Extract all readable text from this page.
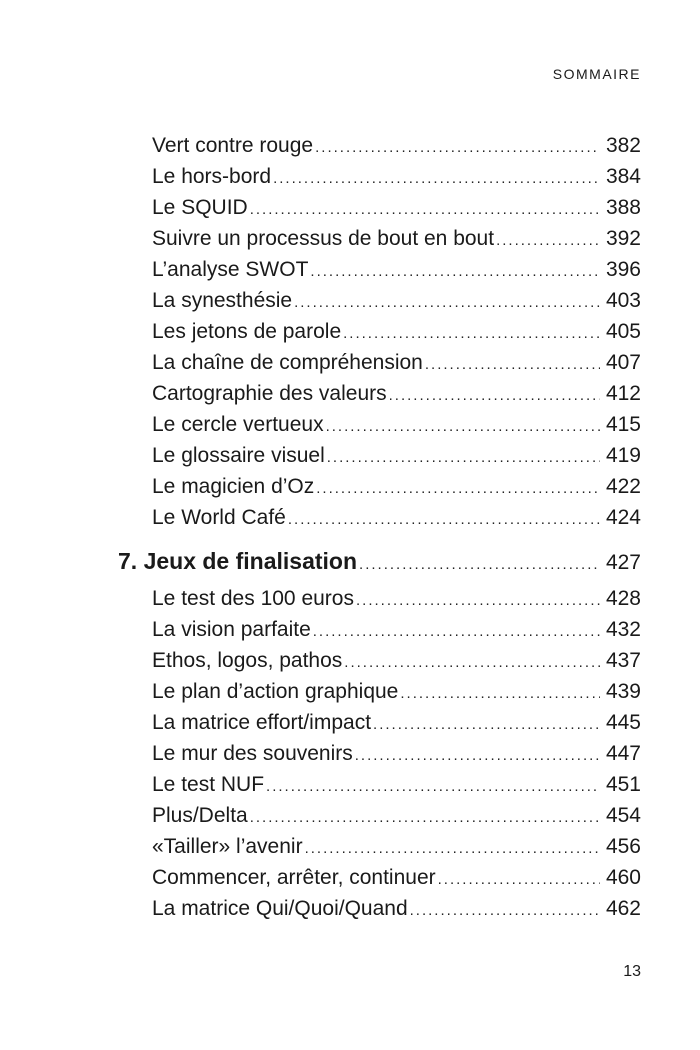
SOMMAIRE
Vert contre rouge .....	382
Le hors-bord .....	384
Le SQUID .....	388
Suivre un processus de bout en bout .....	392
L’analyse SWOT .....	396
La synesthésie .....	403
Les jetons de parole .....	405
La chaîne de compréhension .....	407
Cartographie des valeurs .....	412
Le cercle vertueux .....	415
Le glossaire visuel .....	419
Le magicien d’Oz .....	422
Le World Café .....	424
7. Jeux de finalisation .....	427
Le test des 100 euros .....	428
La vision parfaite .....	432
Ethos, logos, pathos .....	437
Le plan d’action graphique .....	439
La matrice effort/impact .....	445
Le mur des souvenirs .....	447
Le test NUF .....	451
Plus/Delta .....	454
«Tailler» l’avenir .....	456
Commencer, arrêter, continuer .....	460
La matrice Qui/Quoi/Quand .....	462
13
